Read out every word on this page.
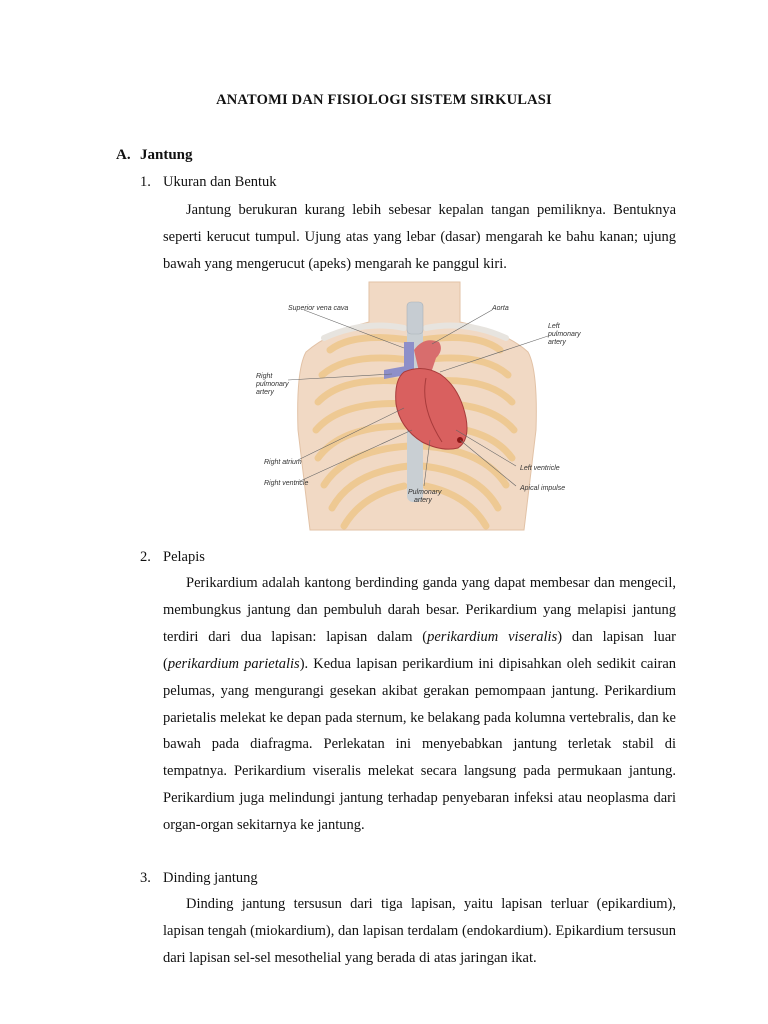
ANATOMI DAN FISIOLOGI SISTEM SIRKULASI
A. Jantung
1. Ukuran dan Bentuk

Jantung berukuran kurang lebih sebesar kepalan tangan pemiliknya. Bentuknya seperti kerucut tumpul. Ujung atas yang lebar (dasar) mengarah ke bahu kanan; ujung bawah yang mengerucut (apeks) mengarah ke panggul kiri.

Superior vena cava	Aorta
Left
pulmonary
artery
Right
pulmonary
artery
Right atrium
Right ventricle
Pulmonary
artery
Left ventricle
Apical impulse
2. Pelapis

Perikardium adalah kantong berdinding ganda yang dapat membesar dan mengecil, membungkus jantung dan pembuluh darah besar. Perikardium yang melapisi jantung terdiri dari dua lapisan: lapisan dalam (perikardium viseralis) dan lapisan luar (perikardium parietalis). Kedua lapisan perikardium ini dipisahkan oleh sedikit cairan pelumas, yang mengurangi gesekan akibat gerakan pemompaan jantung. Perikardium parietalis melekat ke depan pada sternum, ke belakang pada kolumna vertebralis, dan ke bawah pada diafragma. Perlekatan ini menyebabkan jantung terletak stabil di tempatnya. Perikardium viseralis melekat secara langsung pada permukaan jantung. Perikardium juga melindungi jantung terhadap penyebaran infeksi atau neoplasma dari organ-organ sekitarnya ke jantung.

3. Dinding jantung

Dinding jantung tersusun dari tiga lapisan, yaitu lapisan terluar (epikardium), lapisan tengah (miokardium), dan lapisan terdalam (endokardium). Epikardium tersusun dari lapisan sel-sel mesothelial yang berada di atas jaringan ikat.
